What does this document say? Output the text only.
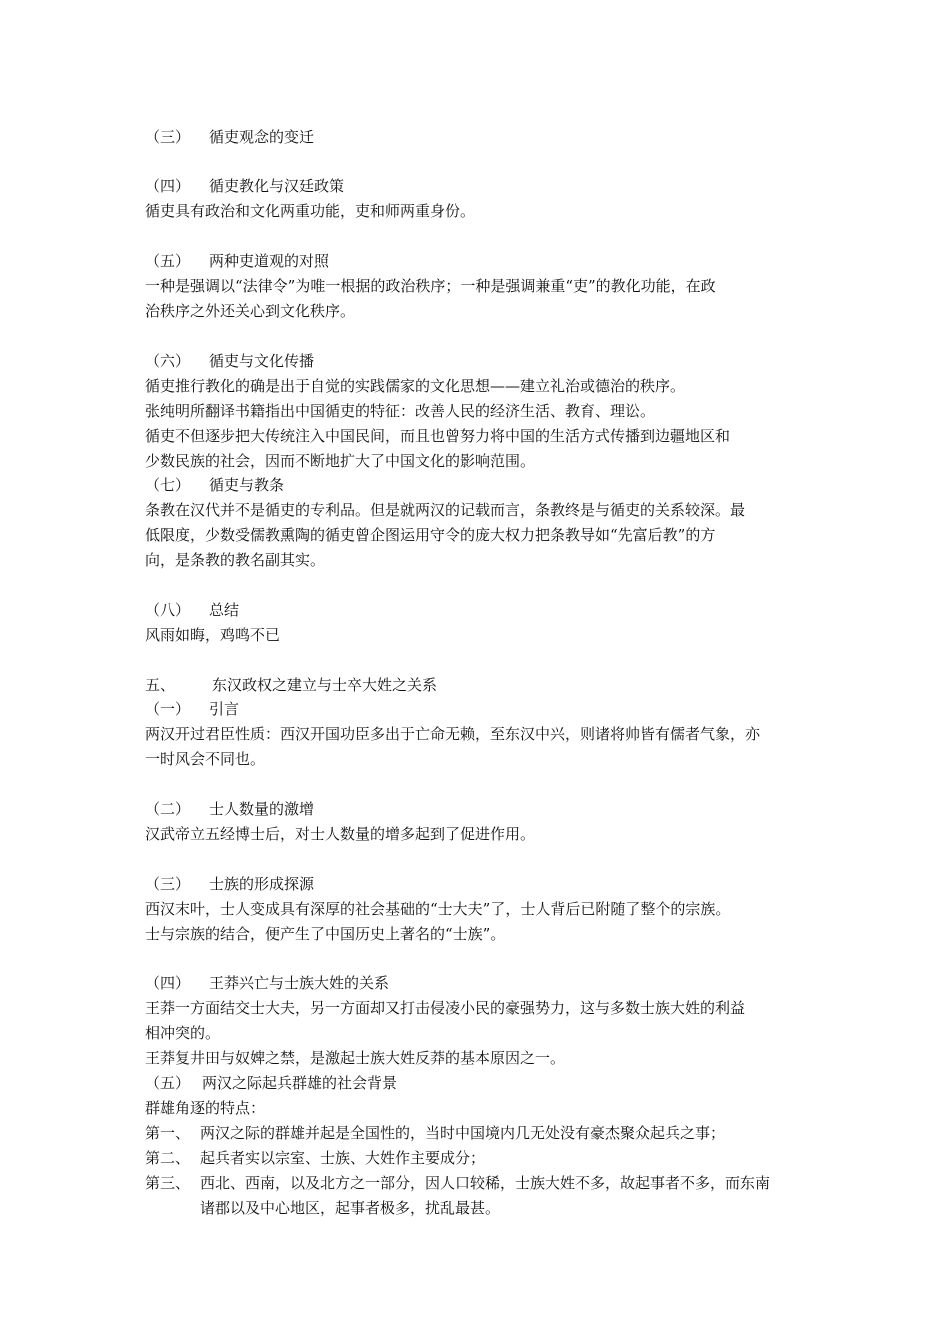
（三） 循吏观念的变迁
（四） 循吏教化与汉廷政策
循吏具有政治和文化两重功能，吏和师两重身份。
（五） 两种吏道观的对照
一种是强调以“法律令”为唯一根据的政治秩序；一种是强调兼重“吏”的教化功能，在政
治秩序之外还关心到文化秩序。
（六） 循吏与文化传播
循吏推行教化的确是出于自觉的实践儒家的文化思想——建立礼治或德治的秩序。
张纯明所翻译书籍指出中国循吏的特征：改善人民的经济生活、教育、理讼。
循吏不但逐步把大传统注入中国民间，而且也曾努力将中国的生活方式传播到边疆地区和
少数民族的社会，因而不断地扩大了中国文化的影响范围。
（七） 循吏与教条
条教在汉代并不是循吏的专利品。但是就两汉的记载而言，条教终是与循吏的关系较深。最
低限度，少数受儒教熏陶的循吏曾企图运用守令的庞大权力把条教导如“先富后教”的方
向，是条教的教名副其实。
（八） 总结
风雨如晦，鸡鸣不已
五、 东汉政权之建立与士卒大姓之关系
（一） 引言
两汉开过君臣性质：西汉开国功臣多出于亡命无赖，至东汉中兴，则诸将帅皆有儒者气象，亦
一时风会不同也。
（二） 士人数量的激增
汉武帝立五经博士后，对士人数量的增多起到了促进作用。
（三） 士族的形成探源
西汉末叶，士人变成具有深厚的社会基础的“士大夫”了，士人背后已附随了整个的宗族。
士与宗族的结合，便产生了中国历史上著名的“士族”。
（四） 王莽兴亡与士族大姓的关系
王莽一方面结交士大夫，另一方面却又打击侵凌小民的豪强势力，这与多数士族大姓的利益
相冲突的。
王莽复井田与奴婢之禁，是激起士族大姓反莽的基本原因之一。
（五） 两汉之际起兵群雄的社会背景
群雄角逐的特点：
第一、 两汉之际的群雄并起是全国性的，当时中国境内几无处没有豪杰聚众起兵之事；
第二、 起兵者实以宗室、士族、大姓作主要成分；
第三、 西北、西南，以及北方之一部分，因人口较稀，士族大姓不多，故起事者不多，而东南
诸郡以及中心地区，起事者极多，扰乱最甚。
